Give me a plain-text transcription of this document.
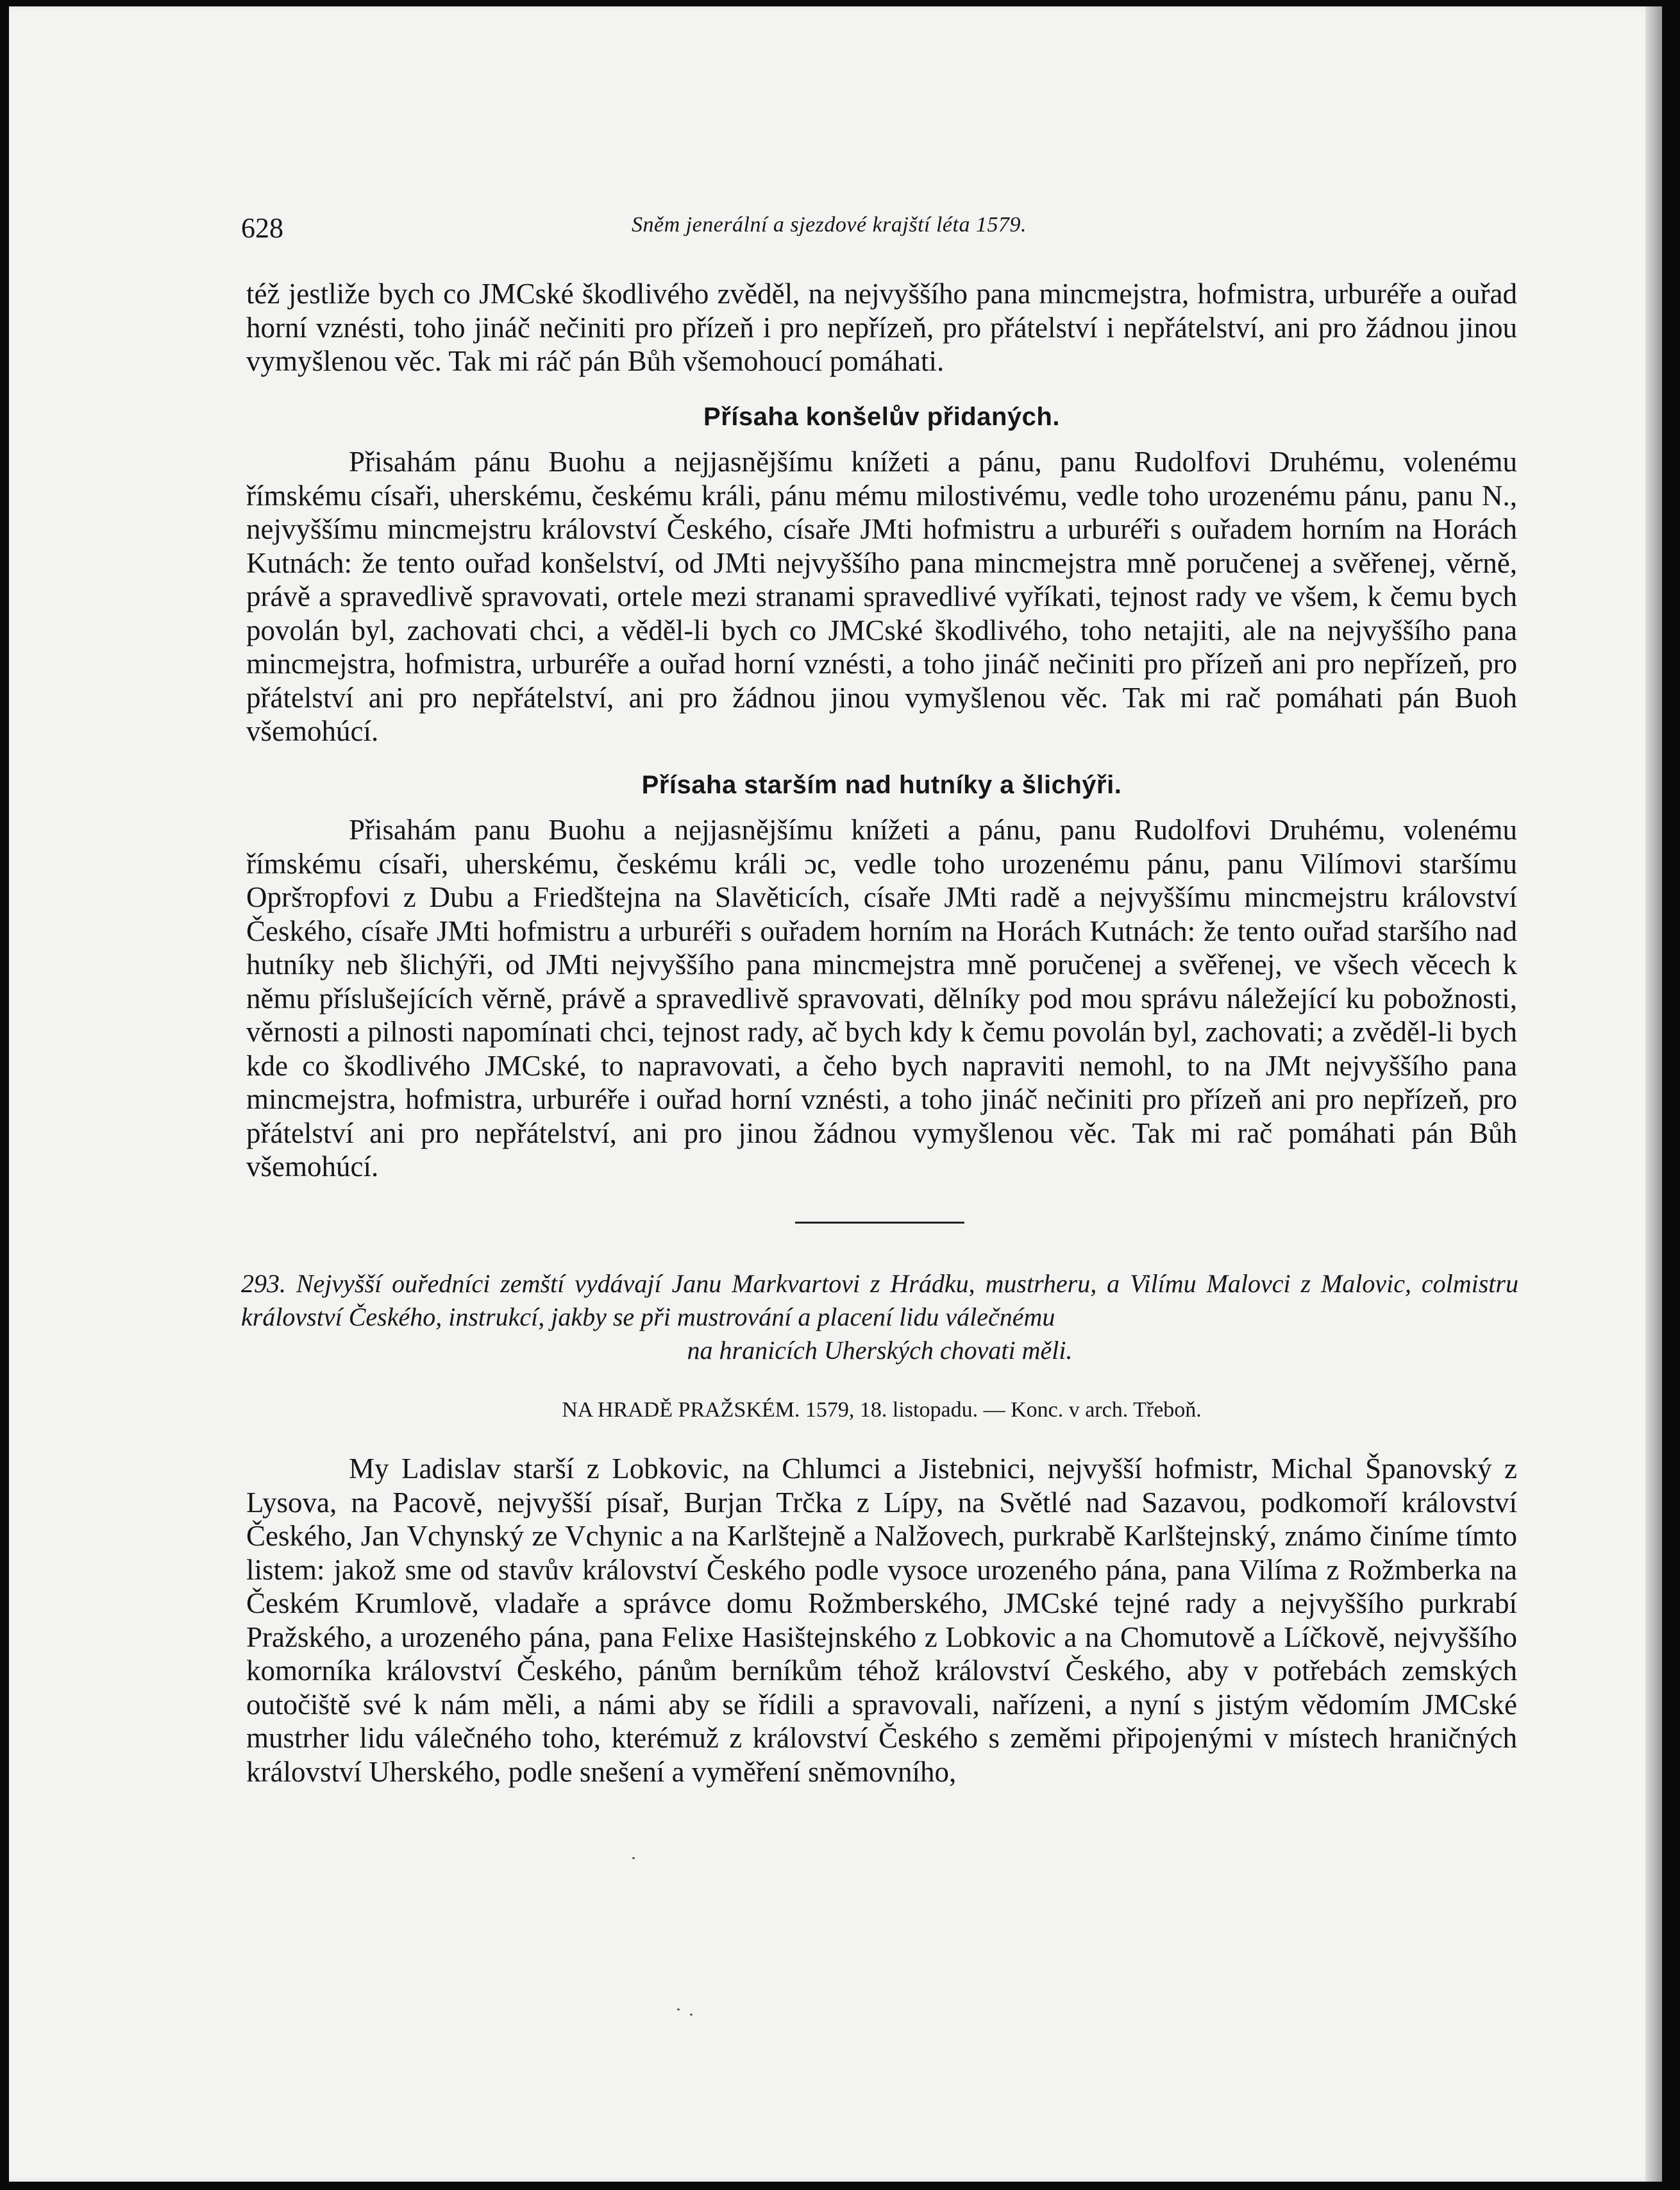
628	Sněm jenerální a sjezdové krajští léta 1579.

též jestliže bych co JMCské škodlivého zvěděl, na nejvyššího pana mincmejstra, hofmistra, urburéře a ouřad horní vznésti, toho jináč nečiniti pro přízeň i pro nepřízeň, pro přátelství i nepřátelství, ani pro žádnou jinou vymyšlenou věc. Tak mi ráč pán Bůh všemohoucí pomáhati.

Přísaha konšelův přidaných.

Přisahám pánu Buohu a nejjasnějšímu knížeti a pánu, panu Rudolfovi Druhému, volenému římskému císaři, uherskému, českému králi, pánu mému milostivému, vedle toho urozenému pánu, panu N., nejvyššímu mincmejstru království Českého, císaře JMti hofmistru a urburéři s ouřadem horním na Horách Kutnách: že tento ouřad konšelství, od JMti nejvyššího pana mincmejstra mně poručenej a svěřenej, věrně, právě a spravedlivě spravovati, ortele mezi stranami spravedlivé vyříkati, tejnost rady ve všem, k čemu bych povolán byl, zachovati chci, a věděl-li bych co JMCské škodlivého, toho netajiti, ale na nejvyššího pana mincmejstra, hofmistra, urburéře a ouřad horní vznésti, a toho jináč nečiniti pro přízeň ani pro nepřízeň, pro přátelství ani pro nepřátelství, ani pro žádnou jinou vymyšlenou věc. Tak mi rač pomáhati pán Buoh všemohúcí.

Přísaha starším nad hutníky a šlichýři.

Přisahám panu Buohu a nejjasnějšímu knížeti a pánu, panu Rudolfovi Druhému, volenému římskému císaři, uherskému, českému králi ɔc, vedle toho urozenému pánu, panu Vilímovi staršímu Opršторfovi z Dubu a Friedštejna na Slavěticích, císaře JMti radě a nejvyššímu mincmejstru království Českého, císaře JMti hofmistru a urburéři s ouřadem horním na Horách Kutnách: že tento ouřad staršího nad hutníky neb šlichýři, od JMti nejvyššího pana mincmejstra mně poručenej a svěřenej, ve všech věcech k němu příslušejících věrně, právě a spravedlivě spravovati, dělníky pod mou správu náležející ku pobožnosti, věrnosti a pilnosti napomínati chci, tejnost rady, ač bych kdy k čemu povolán byl, zachovati; a zvěděl-li bych kde co škodlivého JMCské, to napravovati, a čeho bych napraviti nemohl, to na JMt nejvyššího pana mincmejstra, hofmistra, urburéře i ouřad horní vznésti, a toho jináč nečiniti pro přízeň ani pro nepřízeň, pro přátelství ani pro nepřátelství, ani pro jinou žádnou vymyšlenou věc. Tak mi rač pomáhati pán Bůh všemohúcí.

293. Nejvyšší ouředníci zemští vydávají Janu Markvartovi z Hrádku, mustrheru, a Vilímu Malovci z Malovic, colmistru království Českého, instrukcí, jakby se při mustrování a placení lidu válečnému
na hranicích Uherských chovati měli.
NA HRADĚ PRAŽSKÉM. 1579, 18. listopadu. — Konc. v arch. Třeboň.

My Ladislav starší z Lobkovic, na Chlumci a Jistebnici, nejvyšší hofmistr, Michal Španovský z Lysova, na Pacově, nejvyšší písař, Burjan Trčka z Lípy, na Světlé nad Sazavou, podkomoří království Českého, Jan Vchynský ze Vchynic a na Karlštejně a Nalžovech, purkrabě Karlštejnský, známo činíme tímto listem: jakož sme od stavův království Českého podle vysoce urozeného pána, pana Vilíma z Rožmberka na Českém Krumlově, vladaře a správce domu Rožmberského, JMCské tejné rady a nejvyššího purkrabí Pražského, a urozeného pána, pana Felixe Hasištejnského z Lobkovic a na Chomutově a Líčkově, nejvyššího komorníka království Českého, pánům berníkům téhož království Českého, aby v potřebách zemských outočiště své k nám měli, a námi aby se řídili a spravovali, nařízeni, a nyní s jistým vědomím JMCské mustrher lidu válečného toho, kterémuž z království Českého s zeměmi připojenými v místech hraničných království Uherského, podle snešení a vyměření sněmovního,
